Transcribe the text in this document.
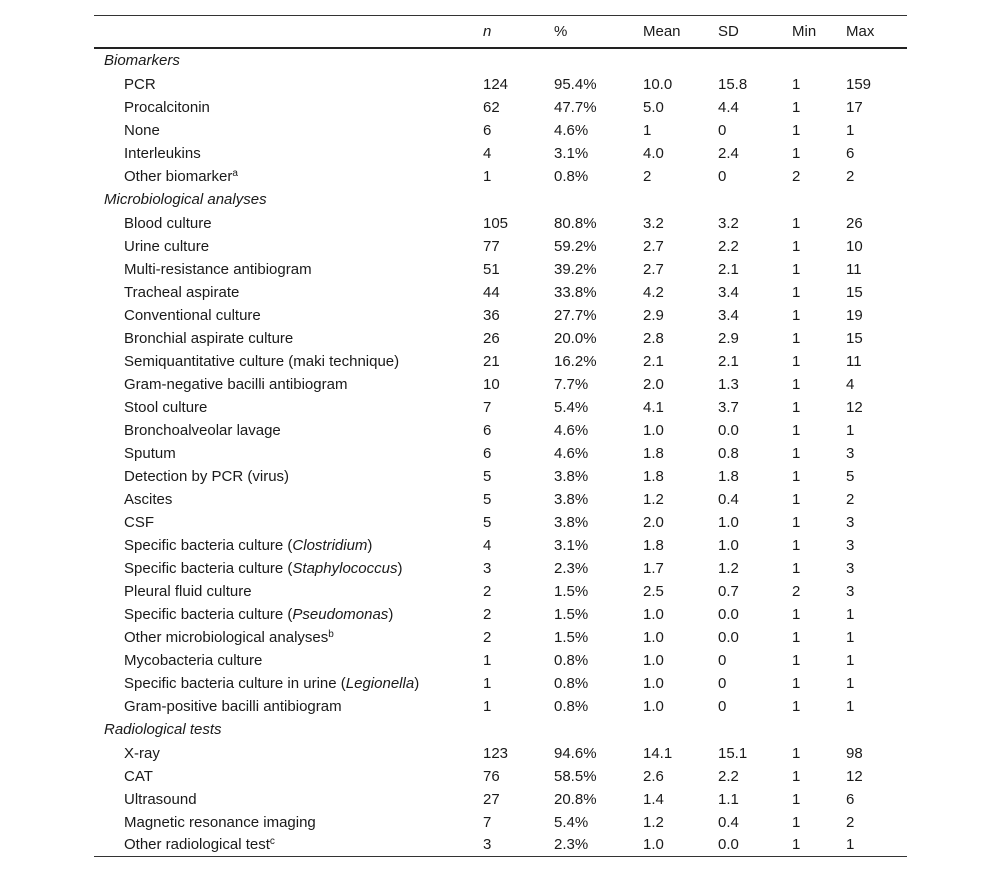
	n	%	Mean	SD	Min	Max
Biomarkers						
PCR	124	95.4%	10.0	15.8	1	159
Procalcitonin	62	47.7%	5.0	4.4	1	17
None	6	4.6%	1	0	1	1
Interleukins	4	3.1%	4.0	2.4	1	6
Other biomarker$^a$	1	0.8%	2	0	2	2
Microbiological analyses						
Blood culture	105	80.8%	3.2	3.2	1	26
Urine culture	77	59.2%	2.7	2.2	1	10
Multi-resistance antibiogram	51	39.2%	2.7	2.1	1	11
Tracheal aspirate	44	33.8%	4.2	3.4	1	15
Conventional culture	36	27.7%	2.9	3.4	1	19
Bronchial aspirate culture	26	20.0%	2.8	2.9	1	15
Semiquantitative culture (maki technique)	21	16.2%	2.1	2.1	1	11
Gram-negative bacilli antibiogram	10	7.7%	2.0	1.3	1	4
Stool culture	7	5.4%	4.1	3.7	1	12
Bronchoalveolar lavage	6	4.6%	1.0	0.0	1	1
Sputum	6	4.6%	1.8	0.8	1	3
Detection by PCR (virus)	5	3.8%	1.8	1.8	1	5
Ascites	5	3.8%	1.2	0.4	1	2
CSF	5	3.8%	2.0	1.0	1	3
Specific bacteria culture (Clostridium)	4	3.1%	1.8	1.0	1	3
Specific bacteria culture (Staphylococcus)	3	2.3%	1.7	1.2	1	3
Pleural fluid culture	2	1.5%	2.5	0.7	2	3
Specific bacteria culture (Pseudomonas)	2	1.5%	1.0	0.0	1	1
Other microbiological analyses$^b$	2	1.5%	1.0	0.0	1	1
Mycobacteria culture	1	0.8%	1.0	0	1	1
Specific bacteria culture in urine (Legionella)	1	0.8%	1.0	0	1	1
Gram-positive bacilli antibiogram	1	0.8%	1.0	0	1	1
Radiological tests						
X-ray	123	94.6%	14.1	15.1	1	98
CAT	76	58.5%	2.6	2.2	1	12
Ultrasound	27	20.8%	1.4	1.1	1	6
Magnetic resonance imaging	7	5.4%	1.2	0.4	1	2
Other radiological test$^c$	3	2.3%	1.0	0.0	1	1
